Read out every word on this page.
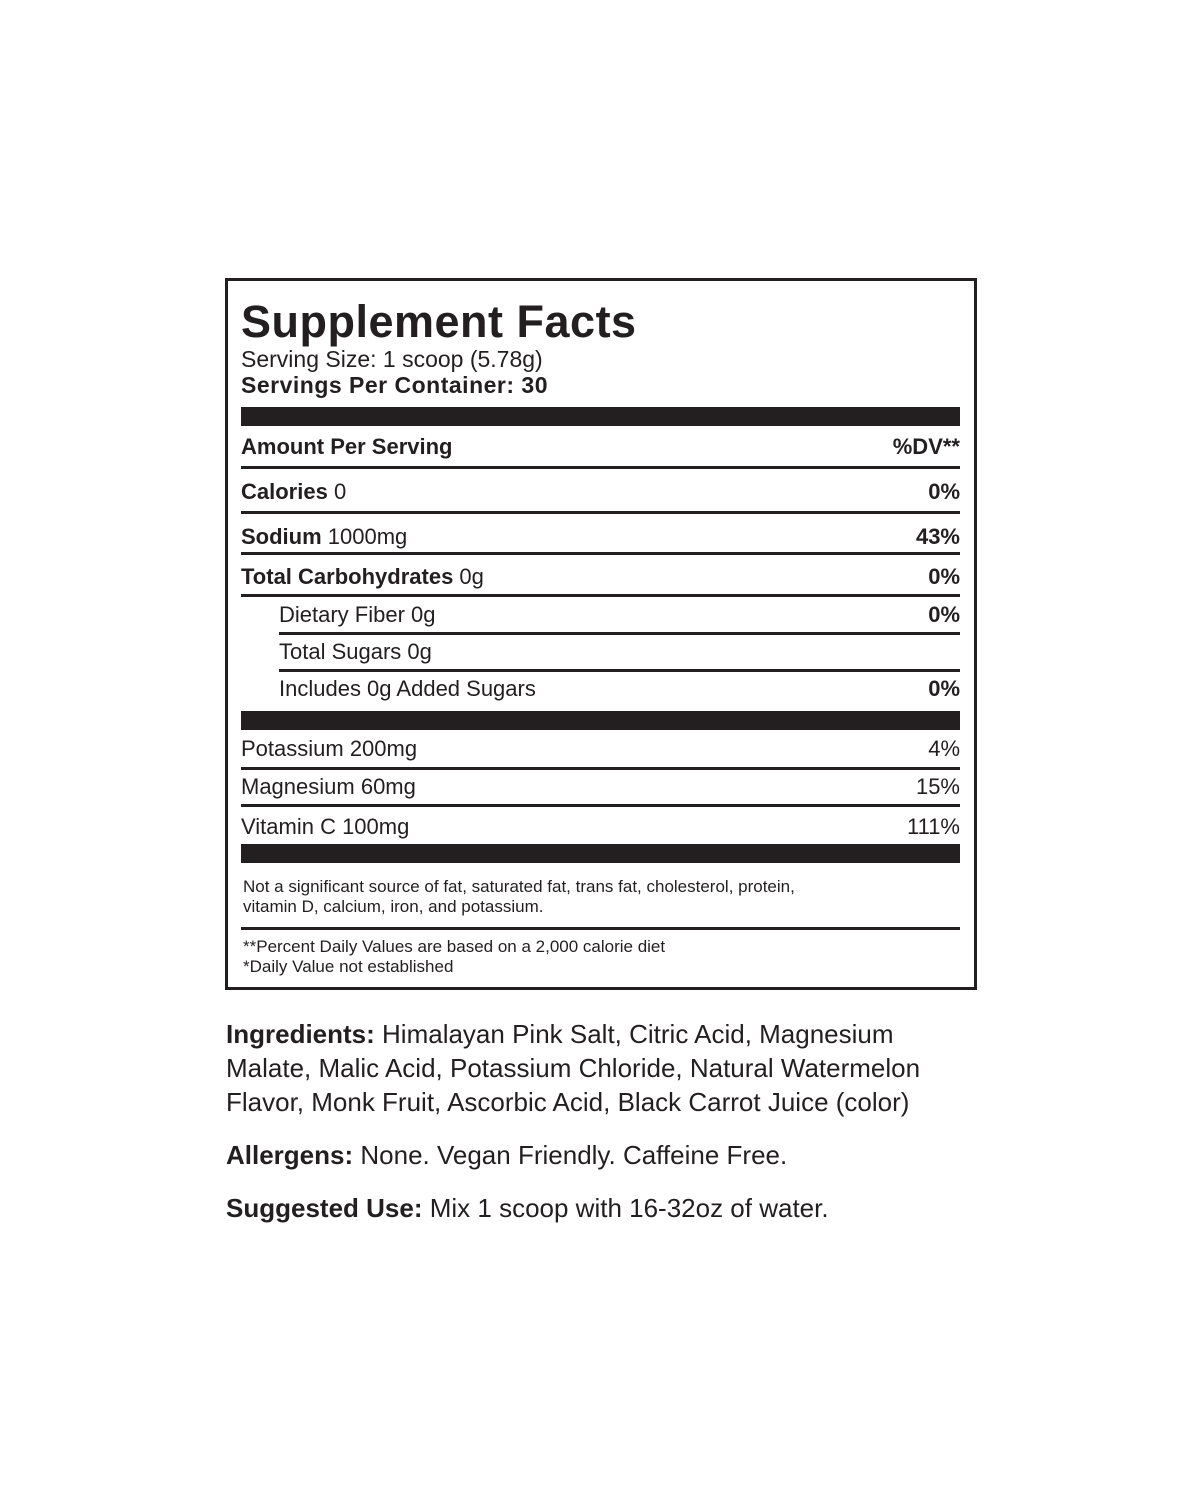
Supplement Facts
Serving Size: 1 scoop (5.78g)
Servings Per Container: 30
Amount Per Serving	%DV**
Calories 0	0%
Sodium 1000mg	43%
Total Carbohydrates 0g	0%
Dietary Fiber 0g	0%
Total Sugars 0g
Includes 0g Added Sugars	0%
Potassium 200mg	4%
Magnesium 60mg	15%
Vitamin C 100mg	111%
Not a significant source of fat, saturated fat, trans fat, cholesterol, protein,
vitamin D, calcium, iron, and potassium.
**Percent Daily Values are based on a 2,000 calorie diet
*Daily Value not established
Ingredients: Himalayan Pink Salt, Citric Acid, Magnesium
Malate, Malic Acid, Potassium Chloride, Natural Watermelon
Flavor, Monk Fruit, Ascorbic Acid, Black Carrot Juice (color)
Allergens: None. Vegan Friendly. Caffeine Free.
Suggested Use: Mix 1 scoop with 16-32oz of water.
